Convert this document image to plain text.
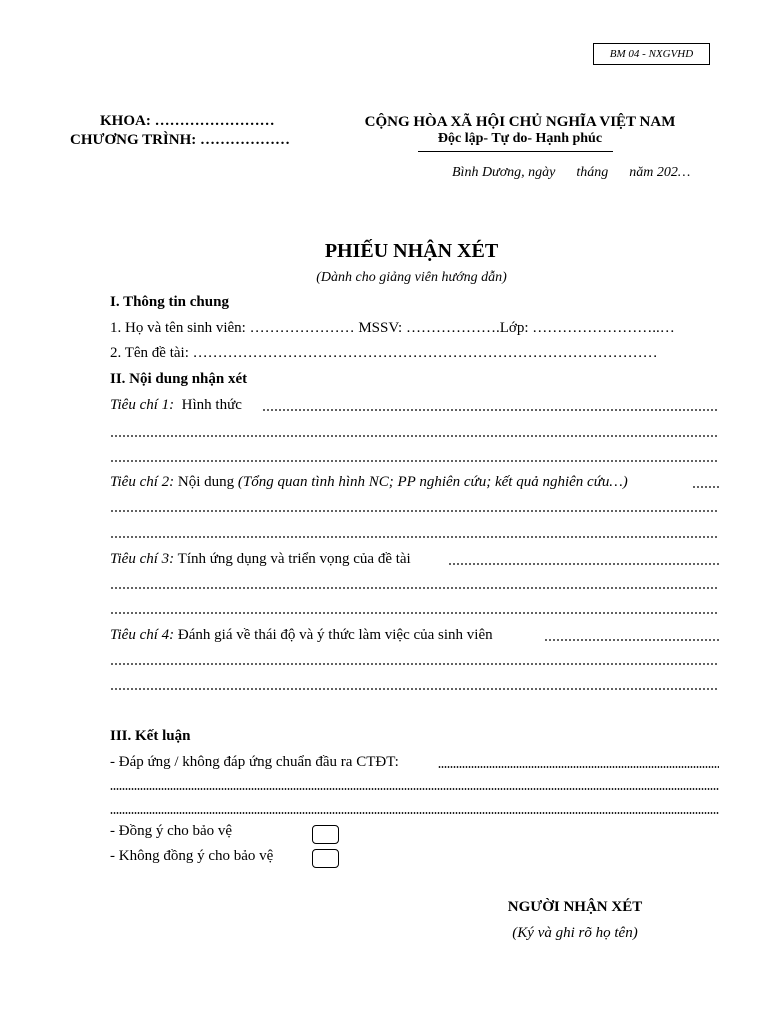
BM 04 - NXGVHD
KHOA: ……………………
CHƯƠNG TRÌNH: ………………
CỘNG HÒA XÃ HỘI CHỦ NGHĨA VIỆT NAM
Độc lập- Tự do- Hạnh phúc
Bình Dương, ngày      tháng      năm 202…
PHIẾU NHẬN XÉT
(Dành cho giảng viên hướng dẫn)
I. Thông tin chung
1. Họ và tên sinh viên: ………………… MSSV: ……………….Lớp: ……………………..…
2. Tên đề tài: …………………………………………………………………………………
II. Nội dung nhận xét
Tiêu chí 1:  Hình thức
Tiêu chí 2: Nội dung (Tổng quan tình hình NC; PP nghiên cứu; kết quả nghiên cứu…)
Tiêu chí 3: Tính ứng dụng và triển vọng của đề tài
Tiêu chí 4: Đánh giá về thái độ và ý thức làm việc của sinh viên
III. Kết luận
- Đáp ứng / không đáp ứng chuẩn đầu ra CTĐT:
- Đồng ý cho bảo vệ
- Không đồng ý cho bảo vệ
NGƯỜI NHẬN XÉT
(Ký và ghi rõ họ tên)
